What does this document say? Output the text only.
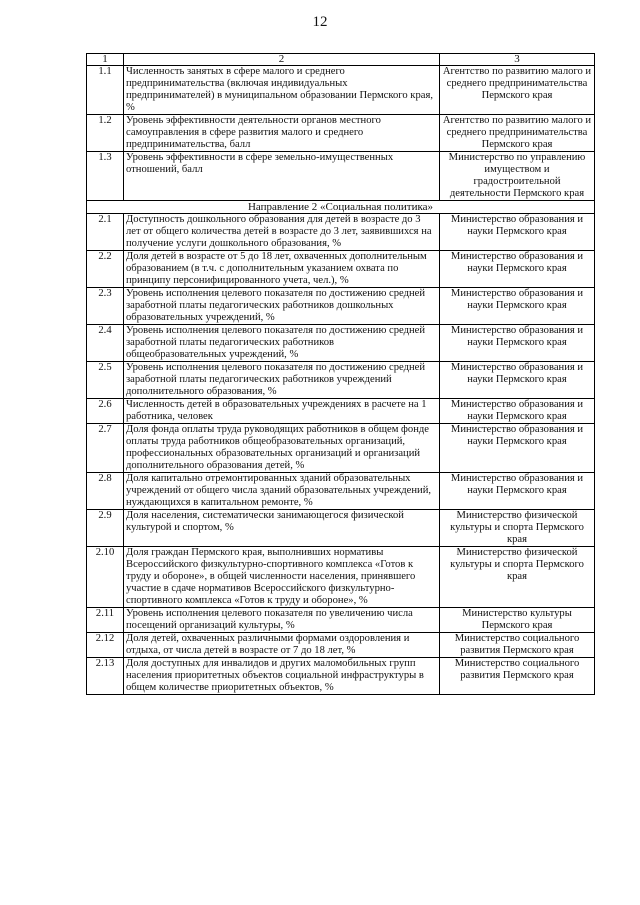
12
1	2	3
1.1	Численность занятых в сфере малого и среднего предпринимательства (включая индивидуальных предпринимателей) в муниципальном образовании Пермского края, %	Агентство по развитию малого и среднего предпринимательства Пермского края
1.2	Уровень эффективности деятельности органов местного самоуправления в сфере развития малого и среднего предпринимательства, балл	Агентство по развитию малого и среднего предпринимательства Пермского края
1.3	Уровень эффективности в сфере земельно-имущественных отношений, балл	Министерство по управлению имуществом и градостроительной деятельности Пермского края
Направление 2 «Социальная политика»		
2.1	Доступность дошкольного образования для детей в возрасте до 3 лет от общего количества детей в возрасте до 3 лет, заявившихся на получение услуги дошкольного образования, %	Министерство образования и науки Пермского края
2.2	Доля детей в возрасте от 5 до 18 лет, охваченных дополнительным образованием (в т.ч. с дополнительным указанием охвата по принципу персонифицированного учета, чел.), %	Министерство образования и науки Пермского края
2.3	Уровень исполнения целевого показателя по достижению средней заработной платы педагогических работников дошкольных образовательных учреждений, %	Министерство образования и науки Пермского края
2.4	Уровень исполнения целевого показателя по достижению средней заработной платы педагогических работников общеобразовательных учреждений, %	Министерство образования и науки Пермского края
2.5	Уровень исполнения целевого показателя по достижению средней заработной платы педагогических работников учреждений дополнительного образования, %	Министерство образования и науки Пермского края
2.6	Численность детей в образовательных учреждениях в расчете на 1 работника, человек	Министерство образования и науки Пермского края
2.7	Доля фонда оплаты труда руководящих работников в общем фонде оплаты труда работников общеобразовательных организаций, профессиональных образовательных организаций и организаций дополнительного образования детей, %	Министерство образования и науки Пермского края
2.8	Доля капитально отремонтированных зданий образовательных учреждений от общего числа зданий образовательных учреждений, нуждающихся в капитальном ремонте, %	Министерство образования и науки Пермского края
2.9	Доля населения, систематически занимающегося физической культурой и спортом, %	Министерство физической культуры и спорта Пермского края
2.10	Доля граждан Пермского края, выполнивших нормативы Всероссийского физкультурно-спортивного комплекса «Готов к труду и обороне», в общей численности населения, принявшего участие в сдаче нормативов Всероссийского физкультурно-спортивного комплекса «Готов к труду и обороне», %	Министерство физической культуры и спорта Пермского края
2.11	Уровень исполнения целевого показателя по увеличению числа посещений организаций культуры, %	Министерство культуры Пермского края
2.12	Доля детей, охваченных различными формами оздоровления и отдыха, от числа детей в возрасте от 7 до 18 лет, %	Министерство социального развития Пермского края
2.13	Доля доступных для инвалидов и других маломобильных групп населения приоритетных объектов социальной инфраструктуры в общем количестве приоритетных объектов, %	Министерство социального развития Пермского края
